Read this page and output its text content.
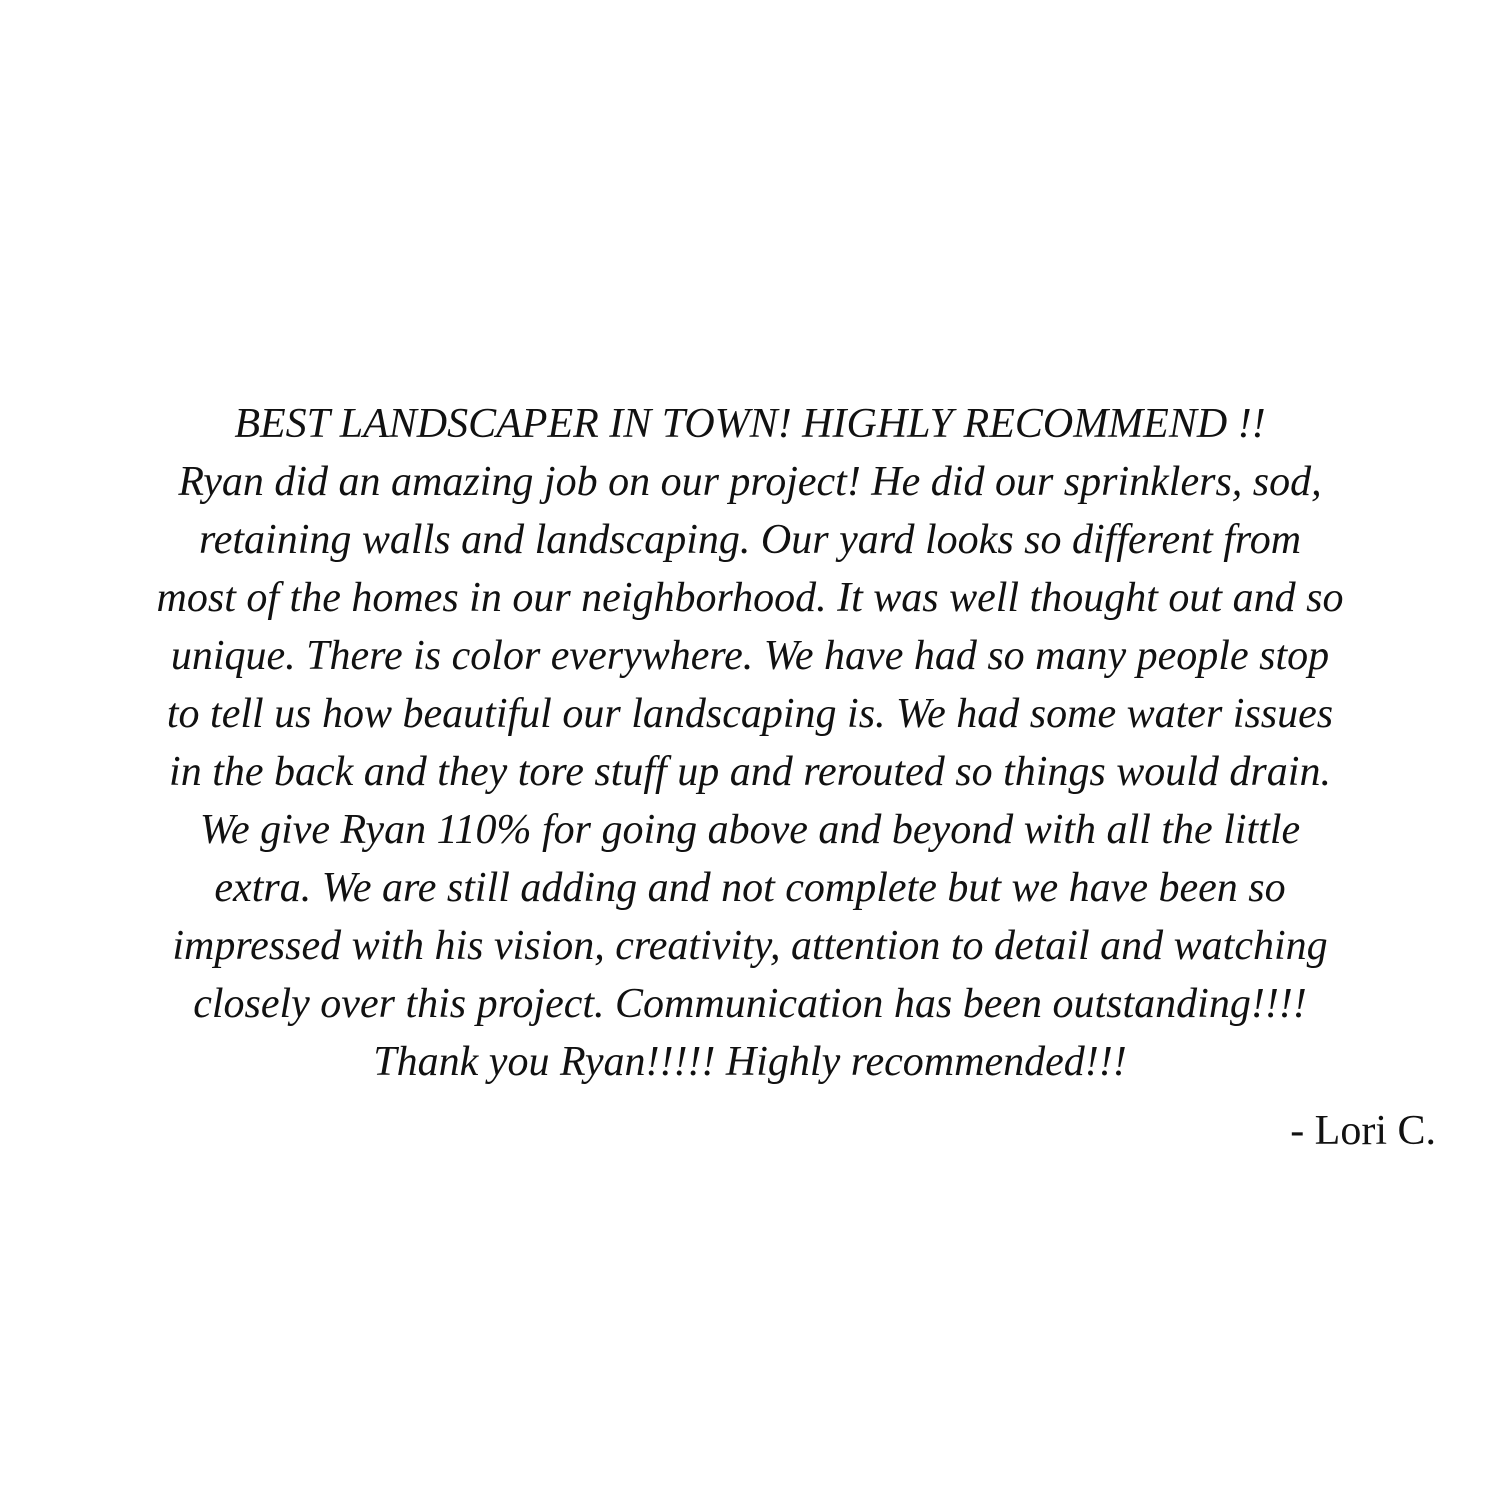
BEST LANDSCAPER IN TOWN! HIGHLY RECOMMEND !!
Ryan did an amazing job on our project! He did our sprinklers, sod,
retaining walls and landscaping. Our yard looks so different from
most of the homes in our neighborhood. It was well thought out and so
unique. There is color everywhere. We have had so many people stop
to tell us how beautiful our landscaping is. We had some water issues
in the back and they tore stuff up and rerouted so things would drain.
We give Ryan 110% for going above and beyond with all the little
extra. We are still adding and not complete but we have been so
impressed with his vision, creativity, attention to detail and watching
closely over this project. Communication has been outstanding!!!!
Thank you Ryan!!!!! Highly recommended!!!
- Lori C.
